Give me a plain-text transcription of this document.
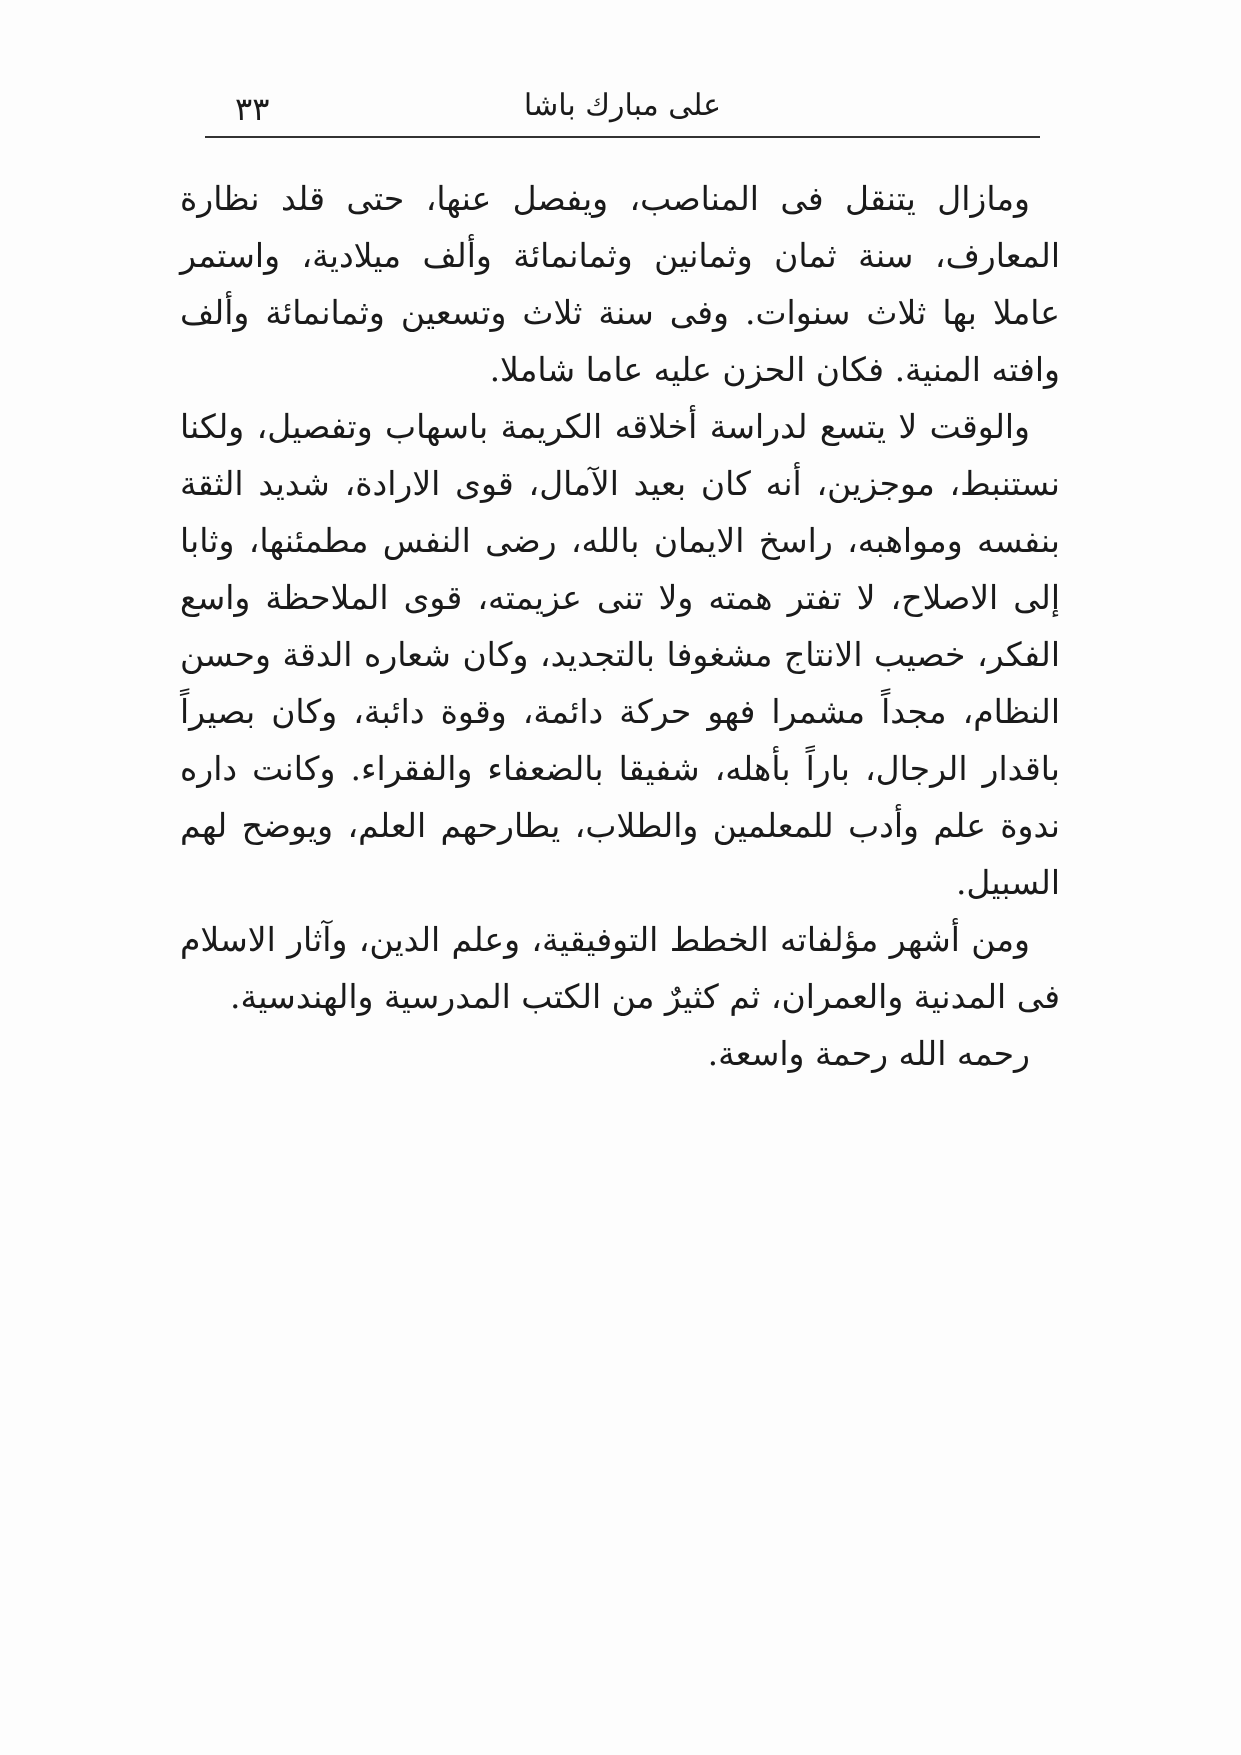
٣٣	على مبارك باشا

ومازال يتنقل فى المناصب، ويفصل عنها، حتى قلد نظارة المعارف، سنة ثمان وثمانين وثمانمائة وألف ميلادية، واستمر عاملا بها ثلاث سنوات. وفى سنة ثلاث وتسعين وثمانمائة وألف وافته المنية. فكان الحزن عليه عاما شاملا.

والوقت لا يتسع لدراسة أخلاقه الكريمة باسهاب وتفصيل، ولكنا نستنبط، موجزين، أنه كان بعيد الآمال، قوى الارادة، شديد الثقة بنفسه ومواهبه، راسخ الايمان بالله، رضى النفس مطمئنها، وثابا إلى الاصلاح، لا تفتر همته ولا تنى عزيمته، قوى الملاحظة واسع الفكر، خصيب الانتاج مشغوفا بالتجديد، وكان شعاره الدقة وحسن النظام، مجداً مشمرا فهو حركة دائمة، وقوة دائبة، وكان بصيراً باقدار الرجال، باراً بأهله، شفيقا بالضعفاء والفقراء. وكانت داره ندوة علم وأدب للمعلمين والطلاب، يطارحهم العلم، ويوضح لهم السبيل.

ومن أشهر مؤلفاته الخطط التوفيقية، وعلم الدين، وآثار الاسلام فى المدنية والعمران، ثم كثيرٌ من الكتب المدرسية والهندسية.

رحمه الله رحمة واسعة.
